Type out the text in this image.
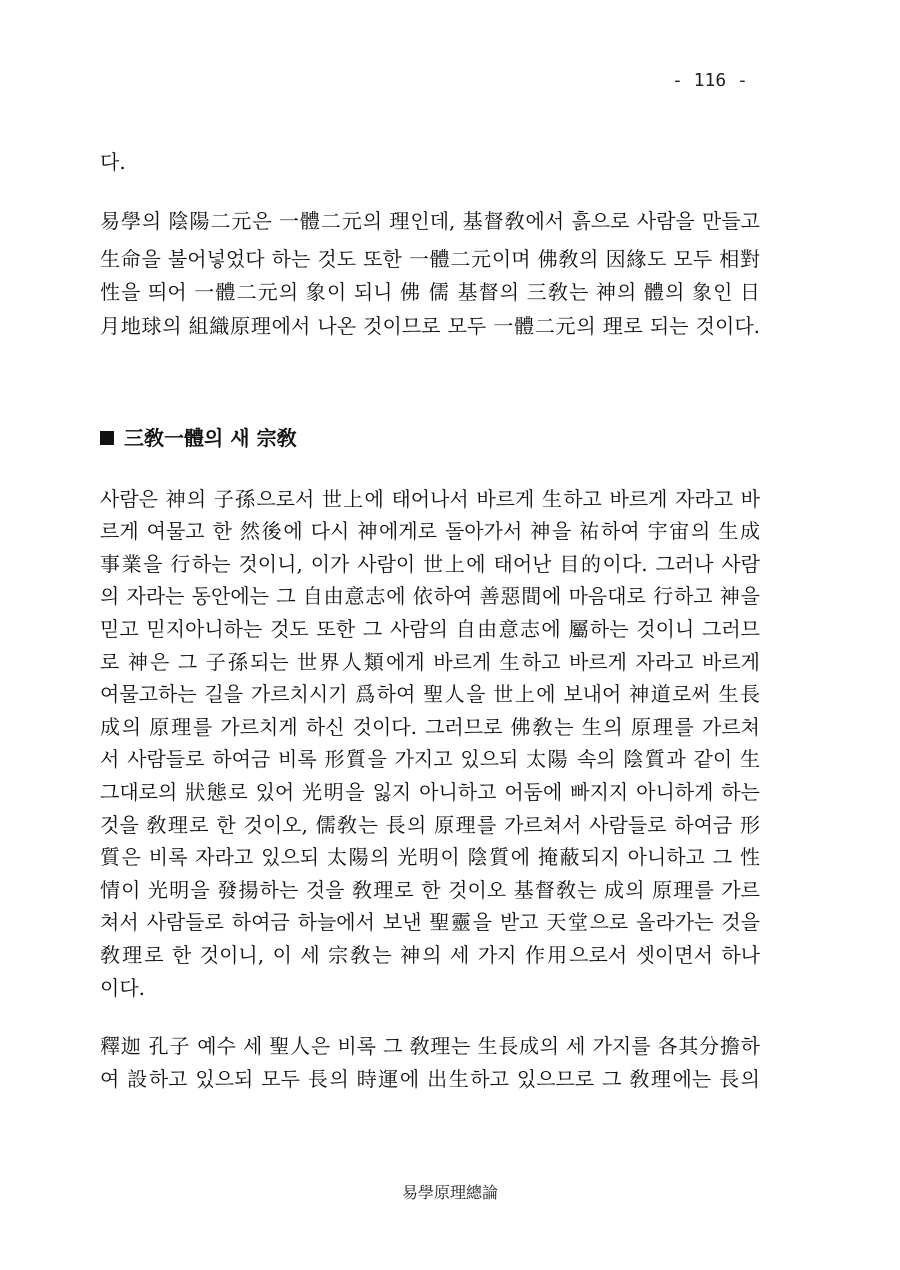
- 116 -
다.
易學의 陰陽二元은 一體二元의 理인데, 基督敎에서 흙으로 사람을 만들고
生命을 불어넣었다 하는 것도 또한 一體二元이며 佛敎의 因緣도 모두 相對
性을 띄어 一體二元의 象이 되니 佛 儒 基督의 三敎는 神의 體의 象인 日
月地球의 組織原理에서 나온 것이므로 모두 一體二元의 理로 되는 것이다.
三敎一體의 새 宗敎
사람은 神의 子孫으로서 世上에 태어나서 바르게 生하고 바르게 자라고 바
르게 여물고 한 然後에 다시 神에게로 돌아가서 神을 祐하여 宇宙의 生成
事業을 行하는 것이니, 이가 사람이 世上에 태어난 目的이다. 그러나 사람
의 자라는 동안에는 그 自由意志에 依하여 善惡間에 마음대로 行하고 神을
믿고 믿지아니하는 것도 또한 그 사람의 自由意志에 屬하는 것이니 그러므
로 神은 그 子孫되는 世界人類에게 바르게 生하고 바르게 자라고 바르게
여물고하는 길을 가르치시기 爲하여 聖人을 世上에 보내어 神道로써 生長
成의 原理를 가르치게 하신 것이다. 그러므로 佛敎는 生의 原理를 가르쳐
서 사람들로 하여금 비록 形質을 가지고 있으되 太陽 속의 陰質과 같이 生
그대로의 狀態로 있어 光明을 잃지 아니하고 어둠에 빠지지 아니하게 하는
것을 敎理로 한 것이오, 儒敎는 長의 原理를 가르쳐서 사람들로 하여금 形
質은 비록 자라고 있으되 太陽의 光明이 陰質에 掩蔽되지 아니하고 그 性
情이 光明을 發揚하는 것을 敎理로 한 것이오 基督敎는 成의 原理를 가르
쳐서 사람들로 하여금 하늘에서 보낸 聖靈을 받고 天堂으로 올라가는 것을
敎理로 한 것이니, 이 세 宗敎는 神의 세 가지 作用으로서 셋이면서 하나
이다.
釋迦 孔子 예수 세 聖人은 비록 그 敎理는 生長成의 세 가지를 各其分擔하
여 設하고 있으되 모두 長의 時運에 出生하고 있으므로 그 敎理에는 長의
易學原理總論
